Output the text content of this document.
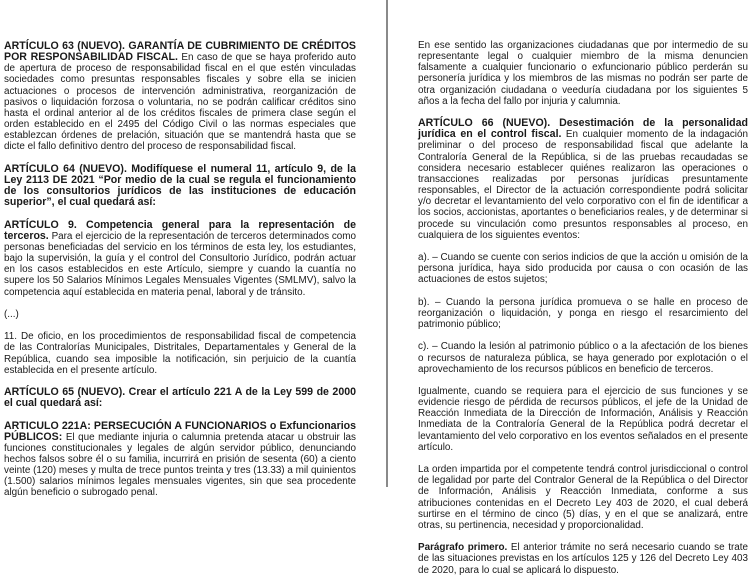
ARTÍCULO 63 (NUEVO). GARANTÍA DE CUBRIMIENTO DE CRÉDITOS POR RESPONSABILIDAD FISCAL. En caso de que se haya proferido auto de apertura de proceso de responsabilidad fiscal en el que estén vinculadas sociedades como presuntas responsables fiscales y sobre ella se inicien actuaciones o procesos de intervención administrativa, reorganización de pasivos o liquidación forzosa o voluntaria, no se podrán calificar créditos sino hasta el ordinal anterior al de los créditos fiscales de primera clase según el orden establecido en el 2495 del Código Civil o las normas especiales que establezcan órdenes de prelación, situación que se mantendrá hasta que se dicte el fallo definitivo dentro del proceso de responsabilidad fiscal.

ARTÍCULO 64 (NUEVO). Modifíquese el numeral 11, artículo 9, de la Ley 2113 DE 2021 “Por medio de la cual se regula el funcionamiento de los consultorios jurídicos de las instituciones de educación superior”, el cual quedará así:

ARTÍCULO 9. Competencia general para la representación de terceros. Para el ejercicio de la representación de terceros determinados como personas beneficiadas del servicio en los términos de esta ley, los estudiantes, bajo la supervisión, la guía y el control del Consultorio Jurídico, podrán actuar en los casos establecidos en este Artículo, siempre y cuando la cuantía no supere los 50 Salarios Mínimos Legales Mensuales Vigentes (SMLMV), salvo la competencia aquí establecida en materia penal, laboral y de tránsito.

(...)

11. De oficio, en los procedimientos de responsabilidad fiscal de competencia de las Contralorías Municipales, Distritales, Departamentales y General de la República, cuando sea imposible la notificación, sin perjuicio de la cuantía establecida en el presente artículo.

ARTÍCULO 65 (NUEVO). Crear el artículo 221 A de la Ley 599 de 2000 el cual quedará así:

ARTICULO 221A: PERSECUCIÓN A FUNCIONARIOS o Exfuncionarios PÚBLICOS: El que mediante injuria o calumnia pretenda atacar u obstruir las funciones constitucionales y legales de algún servidor público, denunciando hechos falsos sobre él o su familia, incurrirá en prisión de sesenta (60) a ciento veinte (120) meses y multa de trece puntos treinta y tres (13.33) a mil quinientos (1.500) salarios mínimos legales mensuales vigentes, sin que sea procedente algún beneficio o subrogado penal.

En ese sentido las organizaciones ciudadanas que por intermedio de su representante legal o cualquier miembro de la misma denuncien falsamente a cualquier funcionario o exfuncionario público perderán su personería jurídica y los miembros de las mismas no podrán ser parte de otra organización ciudadana o veeduría ciudadana por los siguientes 5 años a la fecha del fallo por injuria y calumnia.

ARTÍCULO 66 (NUEVO). Desestimación de la personalidad jurídica en el control fiscal. En cualquier momento de la indagación preliminar o del proceso de responsabilidad fiscal que adelante la Contraloría General de la República, si de las pruebas recaudadas se considera necesario establecer quiénes realizaron las operaciones o transacciones realizadas por personas jurídicas presuntamente responsables, el Director de la actuación correspondiente podrá solicitar y/o decretar el levantamiento del velo corporativo con el fin de identificar a los socios, accionistas, aportantes o beneficiarios reales, y de determinar si procede su vinculación como presuntos responsables al proceso, en cualquiera de los siguientes eventos:

a). – Cuando se cuente con serios indicios de que la acción u omisión de la persona jurídica, haya sido producida por causa o con ocasión de las actuaciones de estos sujetos;

b). – Cuando la persona jurídica promueva o se halle en proceso de reorganización o liquidación, y ponga en riesgo el resarcimiento del patrimonio público;

c). – Cuando la lesión al patrimonio público o a la afectación de los bienes o recursos de naturaleza pública, se haya generado por explotación o el aprovechamiento de los recursos públicos en beneficio de terceros.

Igualmente, cuando se requiera para el ejercicio de sus funciones y se evidencie riesgo de pérdida de recursos públicos, el jefe de la Unidad de Reacción Inmediata de la Dirección de Información, Análisis y Reacción Inmediata de la Contraloría General de la República podrá decretar el levantamiento del velo corporativo en los eventos señalados en el presente artículo.

La orden impartida por el competente tendrá control jurisdiccional o control de legalidad por parte del Contralor General de la República o del Director de Información, Análisis y Reacción Inmediata, conforme a sus atribuciones contenidas en el Decreto Ley 403 de 2020, el cual deberá surtirse en el término de cinco (5) días, y en el que se analizará, entre otras, su pertinencia, necesidad y proporcionalidad.

Parágrafo primero. El anterior trámite no será necesario cuando se trate de las situaciones previstas en los artículos 125 y 126 del Decreto Ley 403 de 2020, para lo cual se aplicará lo dispuesto.
